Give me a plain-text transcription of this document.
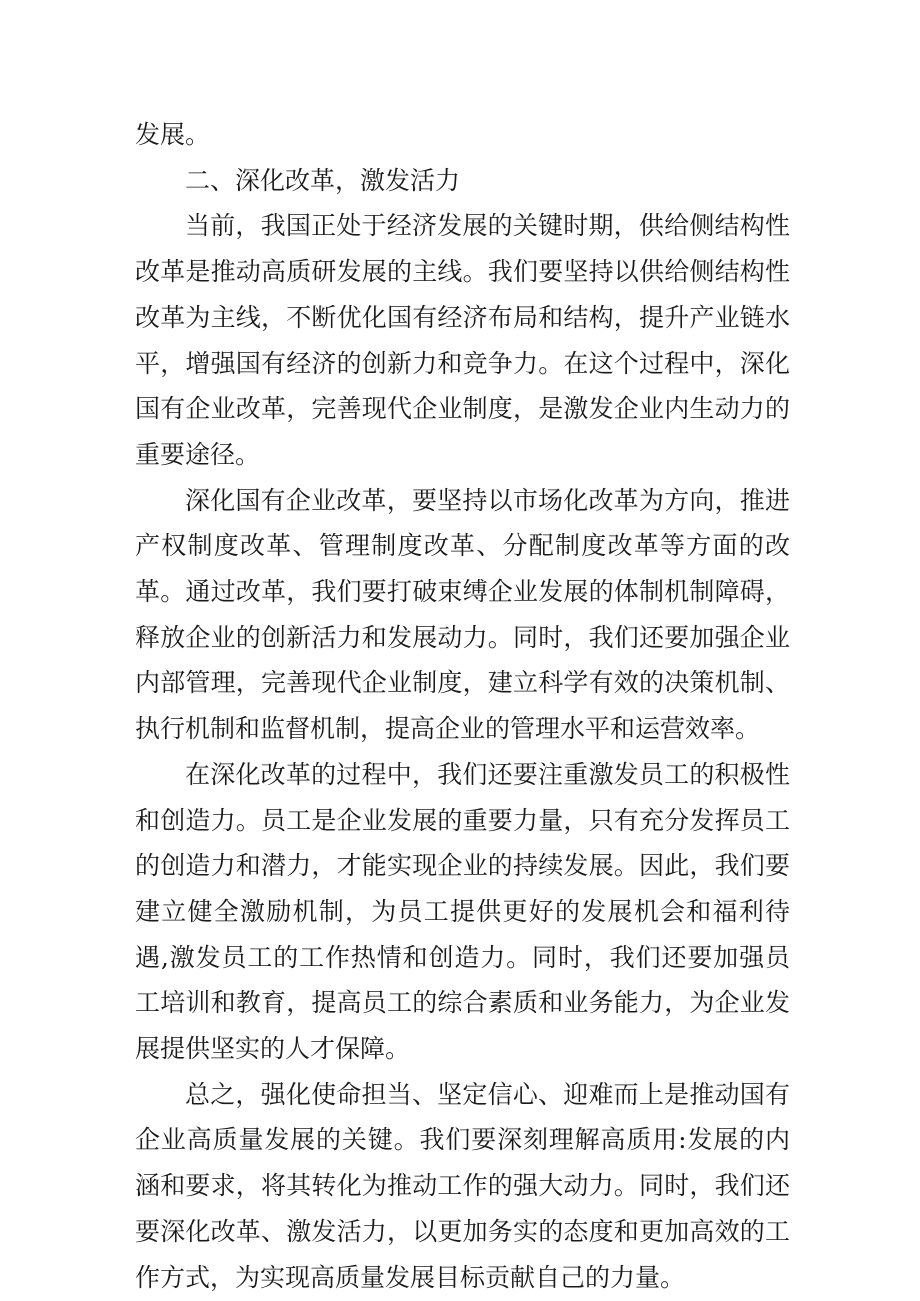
发展。

二、深化改革，激发活力

当前，我国正处于经济发展的关键时期，供给侧结构性改革是推动高质研发展的主线。我们要坚持以供给侧结构性改革为主线，不断优化国有经济布局和结构，提升产业链水平，增强国有经济的创新力和竞争力。在这个过程中，深化国有企业改革，完善现代企业制度，是激发企业内生动力的重要途径。

深化国有企业改革，要坚持以市场化改革为方向，推进产权制度改革、管理制度改革、分配制度改革等方面的改革。通过改革，我们要打破束缚企业发展的体制机制障碍，释放企业的创新活力和发展动力。同时，我们还要加强企业内部管理，完善现代企业制度，建立科学有效的决策机制、执行机制和监督机制，提高企业的管理水平和运营效率。

在深化改革的过程中，我们还要注重激发员工的积极性和创造力。员工是企业发展的重要力量，只有充分发挥员工的创造力和潜力，才能实现企业的持续发展。因此，我们要建立健全激励机制，为员工提供更好的发展机会和福利待遇,激发员工的工作热情和创造力。同时，我们还要加强员工培训和教育，提高员工的综合素质和业务能力，为企业发展提供坚实的人才保障。

总之，强化使命担当、坚定信心、迎难而上是推动国有企业高质量发展的关键。我们要深刻理解高质用:发展的内涵和要求，将其转化为推动工作的强大动力。同时，我们还要深化改革、激发活力，以更加务实的态度和更加高效的工作方式，为实现高质量发展目标贡献自己的力量。
